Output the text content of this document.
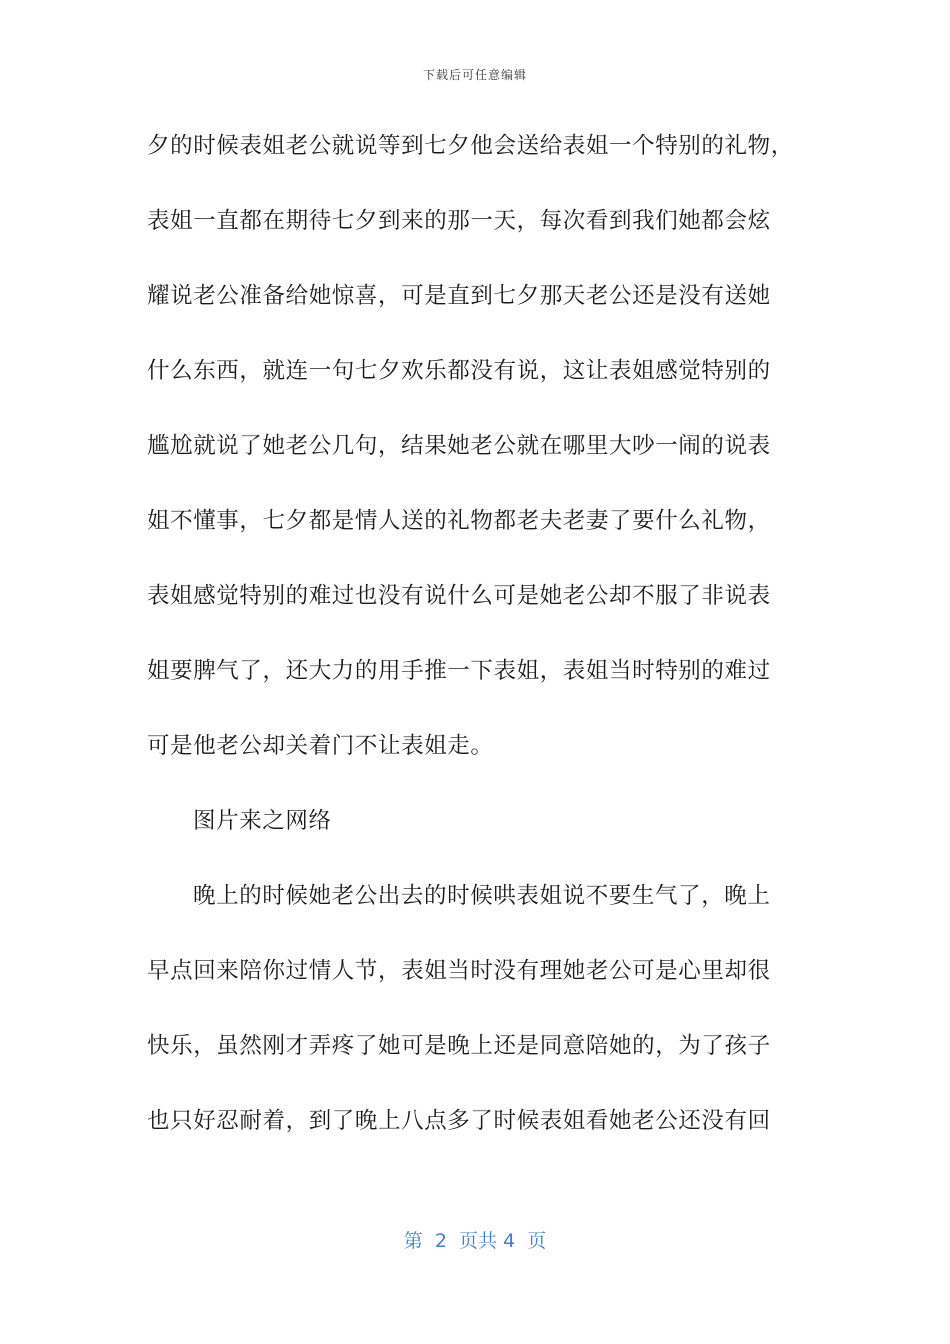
下载后可任意编辑
夕的时候表姐老公就说等到七夕他会送给表姐一个特别的礼物，
表姐一直都在期待七夕到来的那一天，每次看到我们她都会炫
耀说老公准备给她惊喜，可是直到七夕那天老公还是没有送她
什么东西，就连一句七夕欢乐都没有说，这让表姐感觉特别的
尴尬就说了她老公几句，结果她老公就在哪里大吵一闹的说表
姐不懂事，七夕都是情人送的礼物都老夫老妻了要什么礼物，
表姐感觉特别的难过也没有说什么可是她老公却不服了非说表
姐要脾气了，还大力的用手推一下表姐，表姐当时特别的难过
可是他老公却关着门不让表姐走。
图片来之网络
晚上的时候她老公出去的时候哄表姐说不要生气了，晚上
早点回来陪你过情人节，表姐当时没有理她老公可是心里却很
快乐，虽然刚才弄疼了她可是晚上还是同意陪她的，为了孩子
也只好忍耐着，到了晚上八点多了时候表姐看她老公还没有回
第  2  页共 4  页
